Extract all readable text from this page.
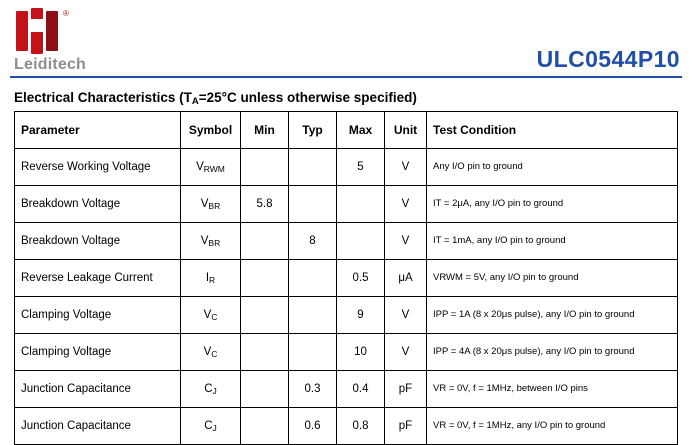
®
Leiditech	ULC0544P10
Electrical Characteristics ($T_A=25^\circ C$ unless otherwise specified)
Parameter	Symbol	Min	Typ	Max	Unit	Test Condition
Reverse Working Voltage	$V_{RWM}$			5	V	Any I/O pin to ground
Breakdown Voltage	$V_{BR}$	5.8			V	IT = 2μA, any I/O pin to ground
Breakdown Voltage	$V_{BR}$		8		V	IT = 1mA, any I/O pin to ground
Reverse Leakage Current	$I_R$			0.5	μA	VRWM = 5V, any I/O pin to ground
Clamping Voltage	$V_C$			9	V	IPP = 1A (8 x 20μs pulse), any I/O pin to ground
Clamping Voltage	$V_C$			10	V	IPP = 4A (8 x 20μs pulse), any I/O pin to ground
Junction Capacitance	$C_J$		0.3	0.4	pF	VR = 0V, f = 1MHz, between I/O pins
Junction Capacitance	$C_J$		0.6	0.8	pF	VR = 0V, f = 1MHz, any I/O pin to ground
